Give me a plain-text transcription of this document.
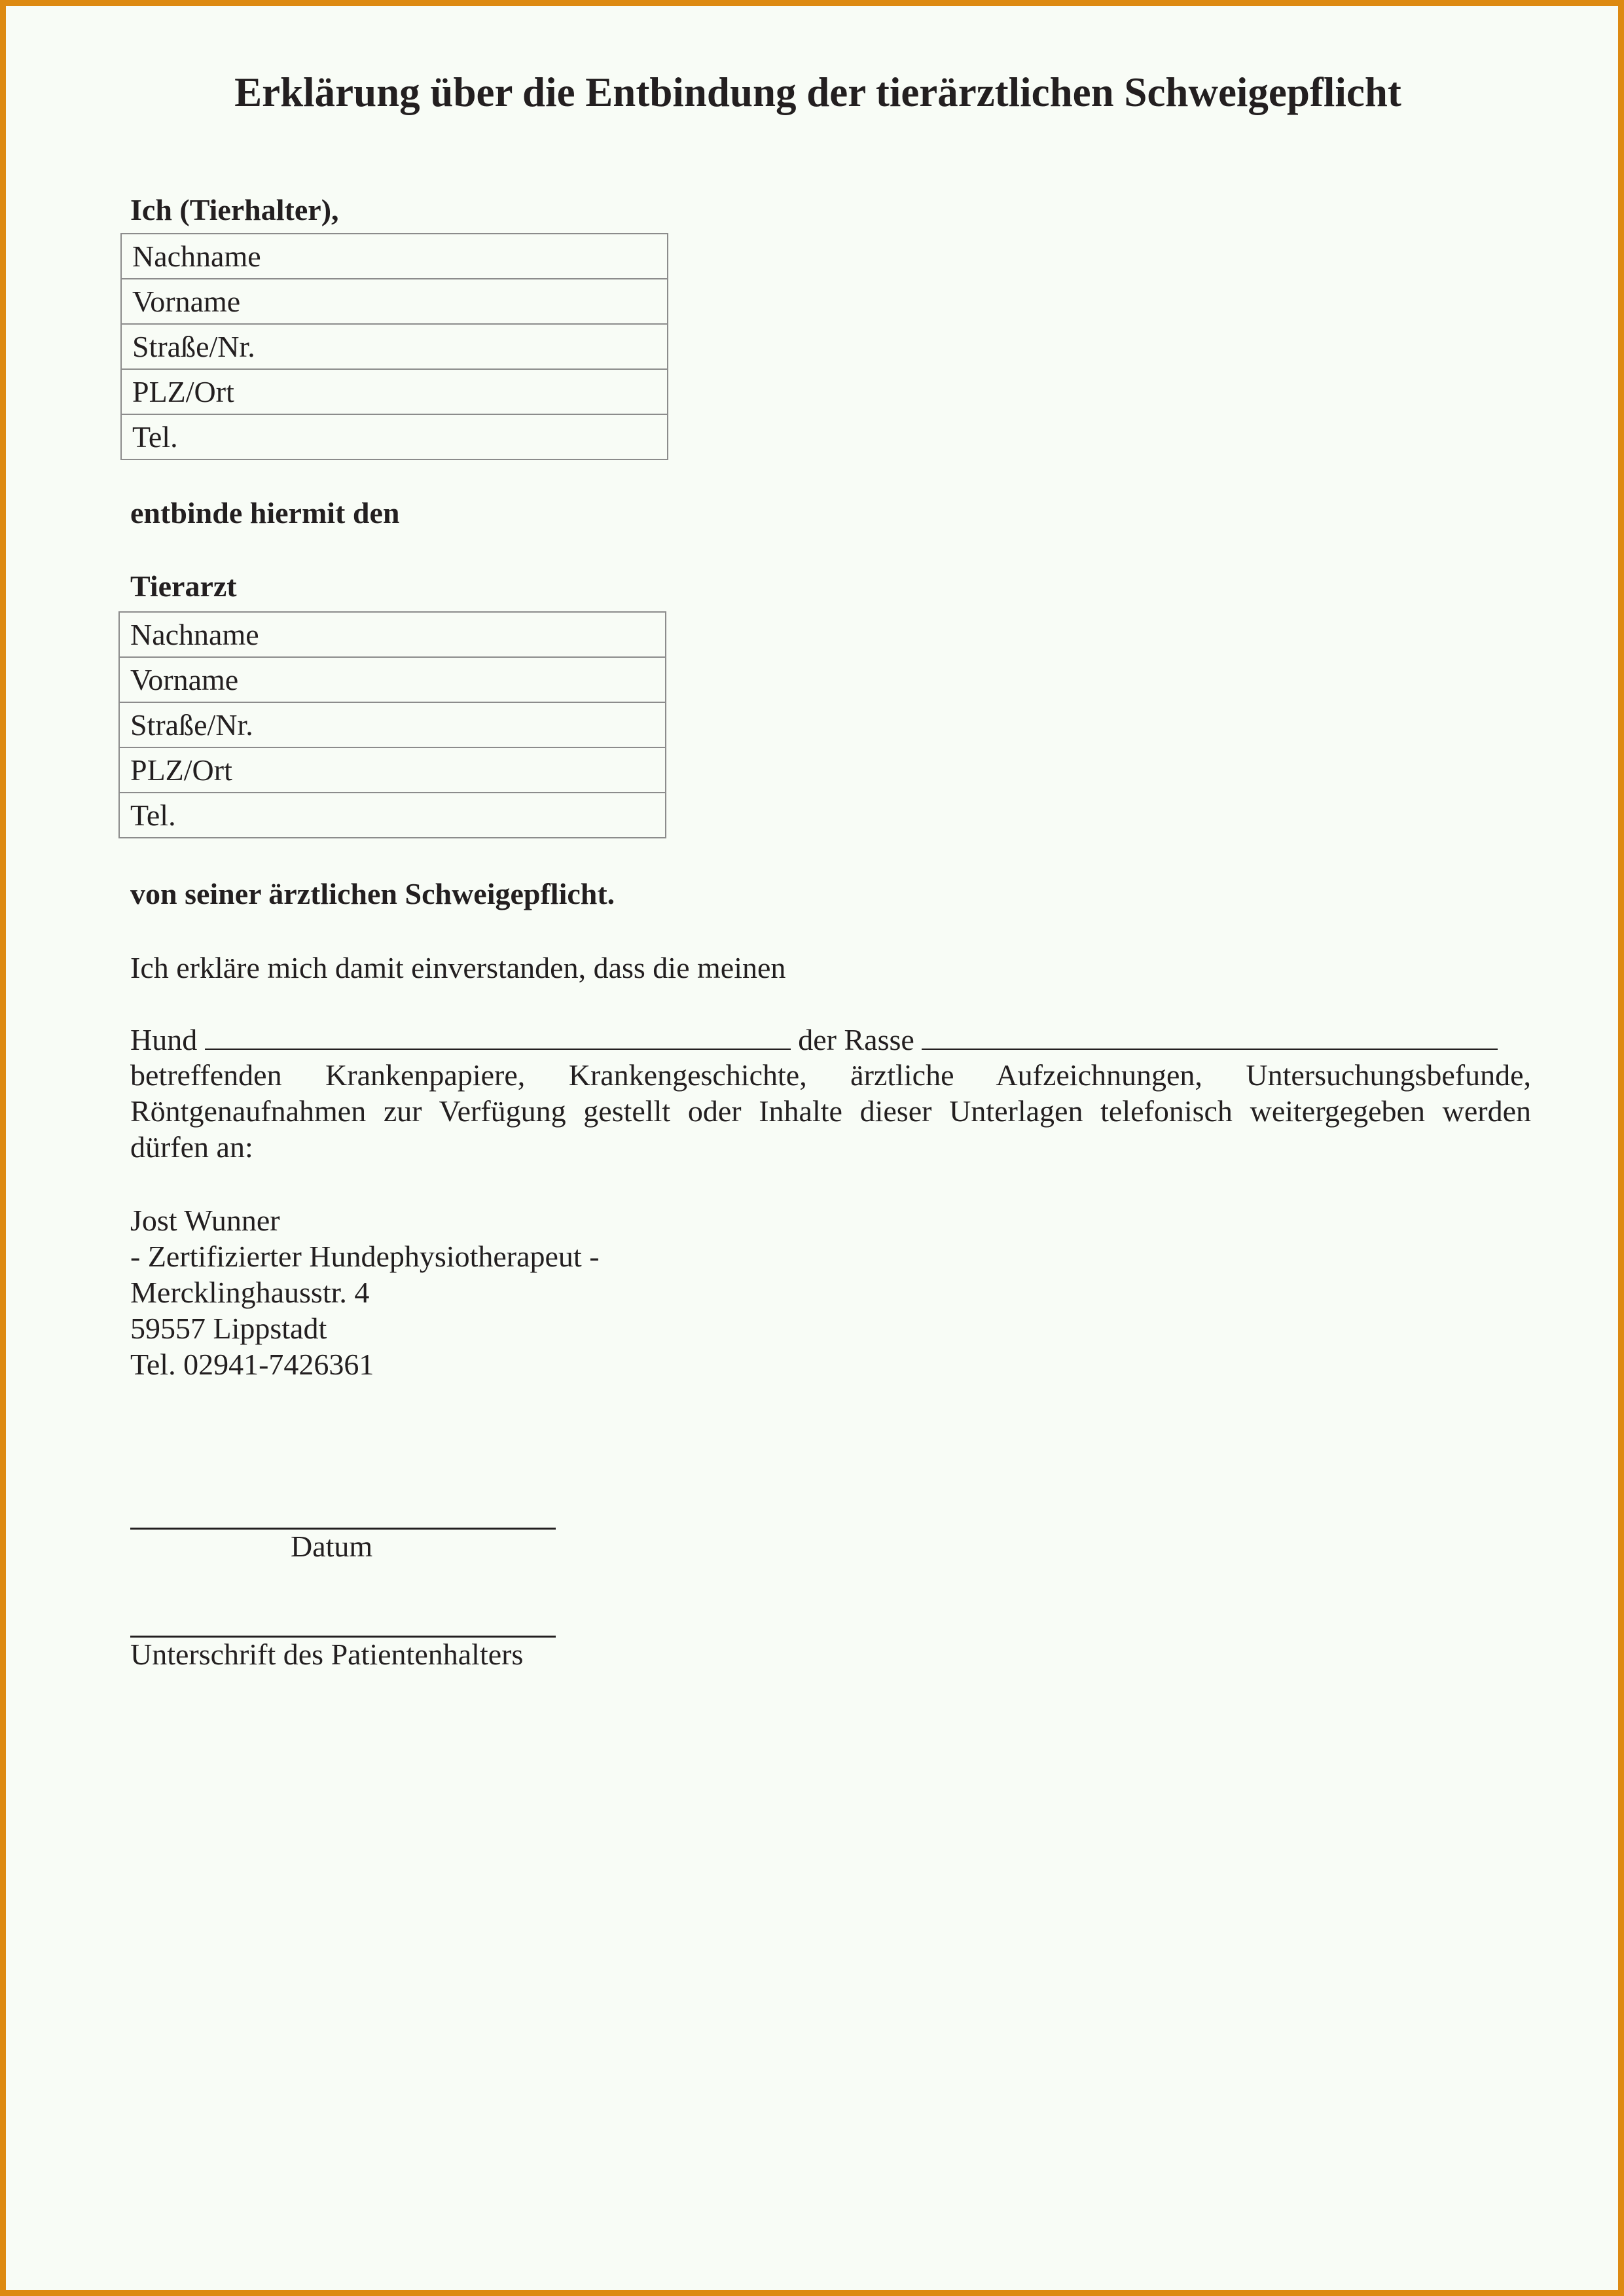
Erklärung über die Entbindung der tierärztlichen Schweigepflicht
Ich (Tierhalter),
Nachname
Vorname
Straße/Nr.
PLZ/Ort
Tel.
entbinde hiermit den
Tierarzt
Nachname
Vorname
Straße/Nr.
PLZ/Ort
Tel.
von seiner ärztlichen Schweigepflicht.
Ich erkläre mich damit einverstanden, dass die meinen
Hund	der Rasse
betreffenden Krankenpapiere, Krankengeschichte, ärztliche Aufzeichnungen, Untersuchungsbefunde,
Röntgenaufnahmen zur Verfügung gestellt oder Inhalte dieser Unterlagen telefonisch weitergegeben werden
dürfen an:
Jost Wunner
- Zertifizierter Hundephysiotherapeut -
Mercklinghausstr. 4
59557 Lippstadt
Tel. 02941-7426361
Datum
Unterschrift des Patientenhalters
